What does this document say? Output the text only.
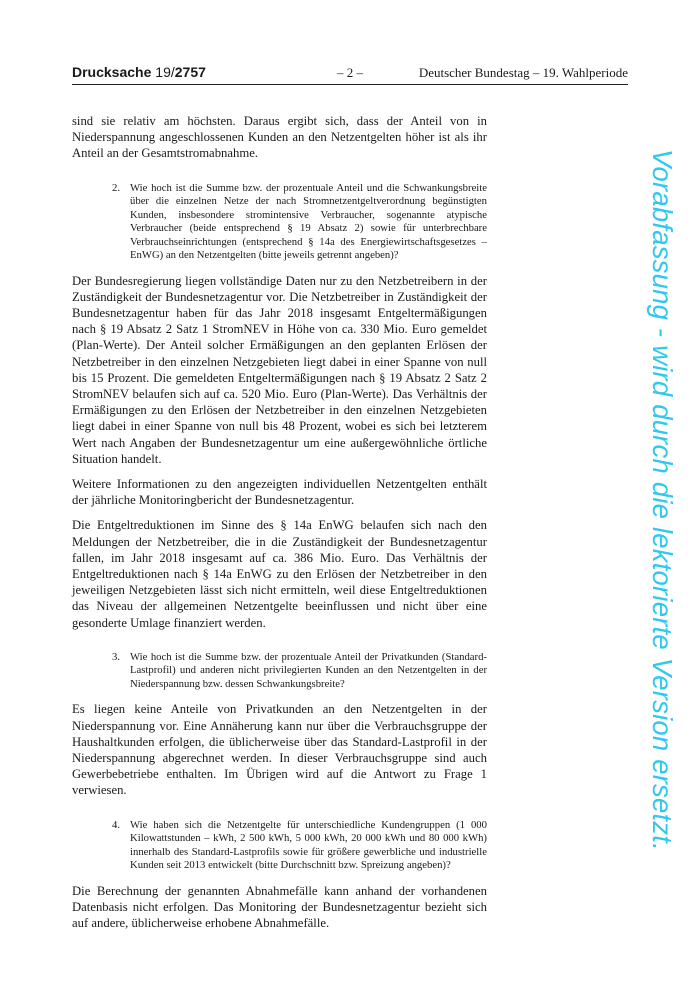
Drucksache 19/2757	– 2 –	Deutscher Bundestag – 19. Wahlperiode

sind sie relativ am höchsten. Daraus ergibt sich, dass der Anteil von in Niederspannung angeschlossenen Kunden an den Netzentgelten höher ist als ihr Anteil an der Gesamtstromabnahme.

2. Wie hoch ist die Summe bzw. der prozentuale Anteil und die Schwankungsbreite über die einzelnen Netze der nach Stromnetzentgeltverordnung begünstigten Kunden, insbesondere stromintensive Verbraucher, sogenannte atypische Verbraucher (beide entsprechend § 19 Absatz 2) sowie für unterbrechbare Verbrauchseinrichtungen (entsprechend § 14a des Energiewirtschaftsgesetzes – EnWG) an den Netzentgelten (bitte jeweils getrennt angeben)?

Der Bundesregierung liegen vollständige Daten nur zu den Netzbetreibern in der Zuständigkeit der Bundesnetzagentur vor. Die Netzbetreiber in Zuständigkeit der Bundesnetzagentur haben für das Jahr 2018 insgesamt Entgeltermäßigungen nach § 19 Absatz 2 Satz 1 StromNEV in Höhe von ca. 330 Mio. Euro gemeldet (Plan-Werte). Der Anteil solcher Ermäßigungen an den geplanten Erlösen der Netzbetreiber in den einzelnen Netzgebieten liegt dabei in einer Spanne von null bis 15 Prozent. Die gemeldeten Entgeltermäßigungen nach § 19 Absatz 2 Satz 2 StromNEV belaufen sich auf ca. 520 Mio. Euro (Plan-Werte). Das Verhältnis der Ermäßigungen zu den Erlösen der Netzbetreiber in den einzelnen Netzgebieten liegt dabei in einer Spanne von null bis 48 Prozent, wobei es sich bei letzterem Wert nach Angaben der Bundesnetzagentur um eine außergewöhnliche örtliche Situation handelt.

Weitere Informationen zu den angezeigten individuellen Netzentgelten enthält der jährliche Monitoringbericht der Bundesnetzagentur.

Die Entgeltreduktionen im Sinne des § 14a EnWG belaufen sich nach den Meldungen der Netzbetreiber, die in die Zuständigkeit der Bundesnetzagentur fallen, im Jahr 2018 insgesamt auf ca. 386 Mio. Euro. Das Verhältnis der Entgeltreduktionen nach § 14a EnWG zu den Erlösen der Netzbetreiber in den jeweiligen Netzgebieten lässt sich nicht ermitteln, weil diese Entgeltreduktionen das Niveau der allgemeinen Netzentgelte beeinflussen und nicht über eine gesonderte Umlage finanziert werden.

3. Wie hoch ist die Summe bzw. der prozentuale Anteil der Privatkunden (Standard-Lastprofil) und anderen nicht privilegierten Kunden an den Netzentgelten in der Niederspannung bzw. dessen Schwankungsbreite?

Es liegen keine Anteile von Privatkunden an den Netzentgelten in der Niederspannung vor. Eine Annäherung kann nur über die Verbrauchsgruppe der Haushaltkunden erfolgen, die üblicherweise über das Standard-Lastprofil in der Niederspannung abgerechnet werden. In dieser Verbrauchsgruppe sind auch Gewerbebetriebe enthalten. Im Übrigen wird auf die Antwort zu Frage 1 verwiesen.

4. Wie haben sich die Netzentgelte für unterschiedliche Kundengruppen (1 000 Kilowattstunden – kWh, 2 500 kWh, 5 000 kWh, 20 000 kWh und 80 000 kWh) innerhalb des Standard-Lastprofils sowie für größere gewerbliche und industrielle Kunden seit 2013 entwickelt (bitte Durchschnitt bzw. Spreizung angeben)?

Die Berechnung der genannten Abnahmefälle kann anhand der vorhandenen Datenbasis nicht erfolgen. Das Monitoring der Bundesnetzagentur bezieht sich auf andere, üblicherweise erhobene Abnahmefälle.

Vorabfassung - wird durch die lektorierte Version ersetzt.
